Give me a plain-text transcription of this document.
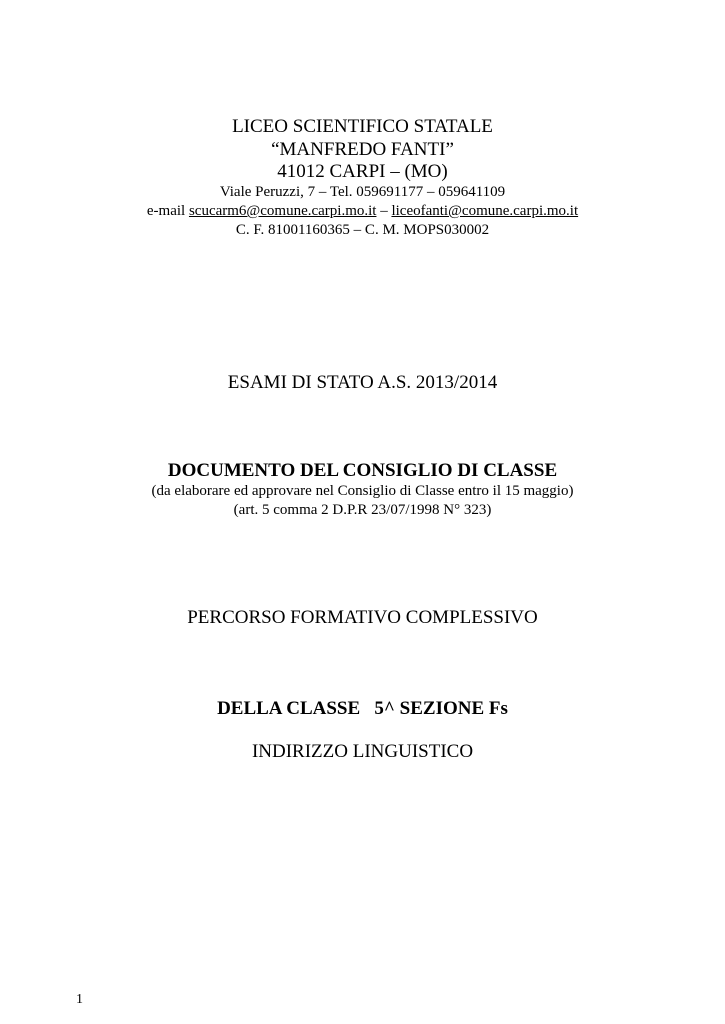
LICEO SCIENTIFICO STATALE
“MANFREDO FANTI”
41012 CARPI – (MO)
Viale Peruzzi, 7 – Tel. 059691177 – 059641109
e-mail scucarm6@comune.carpi.mo.it – liceofanti@comune.carpi.mo.it
C. F. 81001160365 – C. M. MOPS030002
ESAMI DI STATO A.S. 2013/2014
DOCUMENTO DEL CONSIGLIO DI CLASSE
(da elaborare ed approvare nel Consiglio di Classe entro il 15 maggio)
(art. 5 comma 2 D.P.R 23/07/1998 N° 323)
PERCORSO FORMATIVO COMPLESSIVO
DELLA CLASSE   5^ SEZIONE Fs
INDIRIZZO LINGUISTICO
1
